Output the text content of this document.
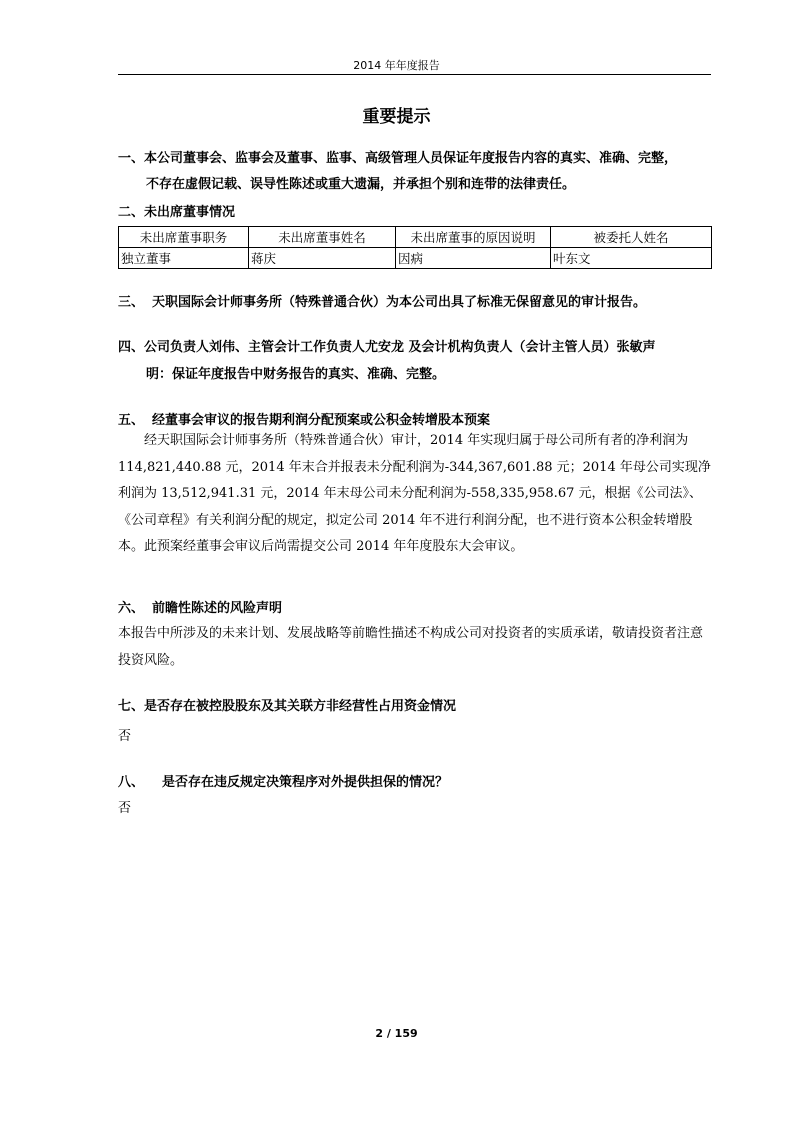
2014 年年度报告
重要提示
一、本公司董事会、监事会及董事、监事、高级管理人员保证年度报告内容的真实、准确、完整，
不存在虚假记载、误导性陈述或重大遗漏，并承担个别和连带的法律责任。
二、未出席董事情况
未出席董事职务	未出席董事姓名	未出席董事的原因说明	被委托人姓名
独立董事	蒋庆	因病	叶东文
三、 天职国际会计师事务所（特殊普通合伙）为本公司出具了标准无保留意见的审计报告。
四、公司负责人刘伟、主管会计工作负责人尤安龙 及会计机构负责人（会计主管人员）张敏声
明：保证年度报告中财务报告的真实、准确、完整。
五、 经董事会审议的报告期利润分配预案或公积金转增股本预案
经天职国际会计师事务所（特殊普通合伙）审计，2014 年实现归属于母公司所有者的净利润为 114,821,440.88 元，2014 年末合并报表未分配利润为-344,367,601.88 元；2014 年母公司实现净利润为 13,512,941.31 元，2014 年末母公司未分配利润为-558,335,958.67 元，根据《公司法》、《公司章程》有关利润分配的规定，拟定公司 2014 年不进行利润分配，也不进行资本公积金转增股本。此预案经董事会审议后尚需提交公司 2014 年年度股东大会审议。
六、 前瞻性陈述的风险声明
本报告中所涉及的未来计划、发展战略等前瞻性描述不构成公司对投资者的实质承诺，敬请投资者注意投资风险。
七、是否存在被控股股东及其关联方非经营性占用资金情况
否
八、 是否存在违反规定决策程序对外提供担保的情况？
否
2 / 159
